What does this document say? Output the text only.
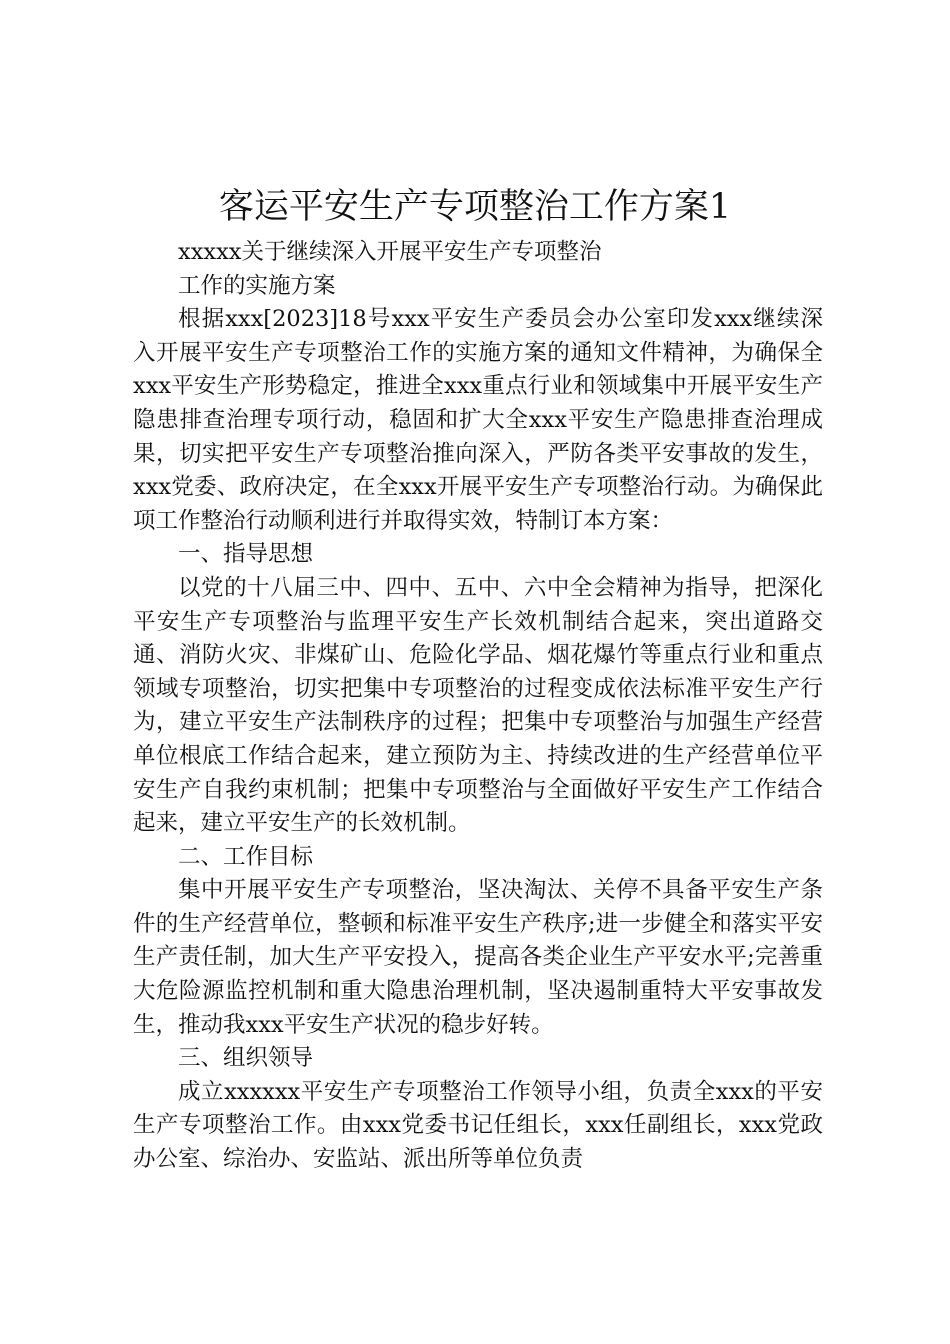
客运平安生产专项整治工作方案1

xxxxx关于继续深入开展平安生产专项整治

工作的实施方案

根据xxx[2023]18号xxx平安生产委员会办公室印发xxx继续深入开展平安生产专项整治工作的实施方案的通知文件精神，为确保全xxx平安生产形势稳定，推进全xxx重点行业和领域集中开展平安生产隐患排查治理专项行动，稳固和扩大全xxx平安生产隐患排查治理成果，切实把平安生产专项整治推向深入，严防各类平安事故的发生，xxx党委、政府决定，在全xxx开展平安生产专项整治行动。为确保此项工作整治行动顺利进行并取得实效，特制订本方案：

一、指导思想

以党的十八届三中、四中、五中、六中全会精神为指导，把深化平安生产专项整治与监理平安生产长效机制结合起来，突出道路交通、消防火灾、非煤矿山、危险化学品、烟花爆竹等重点行业和重点领域专项整治，切实把集中专项整治的过程变成依法标准平安生产行为，建立平安生产法制秩序的过程；把集中专项整治与加强生产经营单位根底工作结合起来，建立预防为主、持续改进的生产经营单位平安生产自我约束机制；把集中专项整治与全面做好平安生产工作结合起来，建立平安生产的长效机制。

二、工作目标

集中开展平安生产专项整治，坚决淘汰、关停不具备平安生产条件的生产经营单位，整顿和标准平安生产秩序;进一步健全和落实平安生产责任制，加大生产平安投入，提高各类企业生产平安水平;完善重大危险源监控机制和重大隐患治理机制，坚决遏制重特大平安事故发生，推动我xxx平安生产状况的稳步好转。

三、组织领导

成立xxxxxx平安生产专项整治工作领导小组，负责全xxx的平安生产专项整治工作。由xxx党委书记任组长，xxx任副组长，xxx党政办公室、综治办、安监站、派出所等单位负责
